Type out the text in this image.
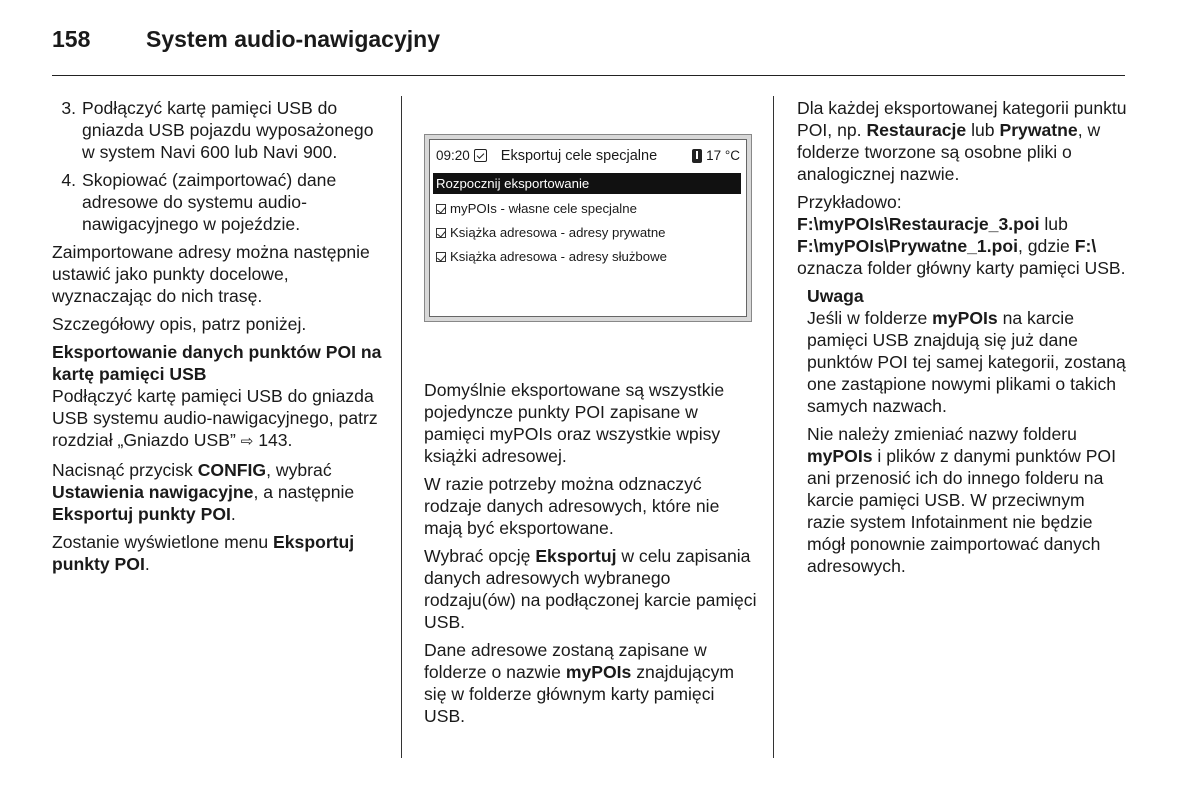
158	System audio-nawigacyjny
3. Podłączyć kartę pamięci USB do gniazda USB pojazdu wyposażonego w system Navi 600 lub Navi 900.
4. Skopiować (zaimportować) dane adresowe do systemu audio-nawigacyjnego w pojeździe.

Zaimportowane adresy można następnie ustawić jako punkty docelowe, wyznaczając do nich trasę.

Szczegółowy opis, patrz poniżej.

Eksportowanie danych punktów POI na kartę pamięci USB
Podłączyć kartę pamięci USB do gniazda USB systemu audio-nawigacyjnego, patrz rozdział „Gniazdo USB” ⇨ 143.

Nacisnąć przycisk CONFIG, wybrać Ustawienia nawigacyjne, a następnie Eksportuj punkty POI.

Zostanie wyświetlone menu Eksportuj punkty POI.

09:20 Eksportuj cele specjalne	17 °C
Rozpocznij eksportowanie
myPOIs - własne cele specjalne
Książka adresowa - adresy prywatne
Książka adresowa - adresy służbowe

Domyślnie eksportowane są wszystkie pojedyncze punkty POI zapisane w pamięci myPOIs oraz wszystkie wpisy książki adresowej.

W razie potrzeby można odznaczyć rodzaje danych adresowych, które nie mają być eksportowane.

Wybrać opcję Eksportuj w celu zapisania danych adresowych wybranego rodzaju(ów) na podłączonej karcie pamięci USB.

Dane adresowe zostaną zapisane w folderze o nazwie myPOIs znajdującym się w folderze głównym karty pamięci USB.

Dla każdej eksportowanej kategorii punktu POI, np. Restauracje lub Prywatne, w folderze tworzone są osobne pliki o analogicznej nazwie.

Przykładowo:
F:\myPOIs\Restauracje_3.poi lub F:\myPOIs\Prywatne_1.poi, gdzie F:\ oznacza folder główny karty pamięci USB.

Uwaga

Jeśli w folderze myPOIs na karcie pamięci USB znajdują się już dane punktów POI tej samej kategorii, zostaną one zastąpione nowymi plikami o takich samych nazwach.

Nie należy zmieniać nazwy folderu myPOIs i plików z danymi punktów POI ani przenosić ich do innego folderu na karcie pamięci USB. W przeciwnym razie system Infotainment nie będzie mógł ponownie zaimportować danych adresowych.
